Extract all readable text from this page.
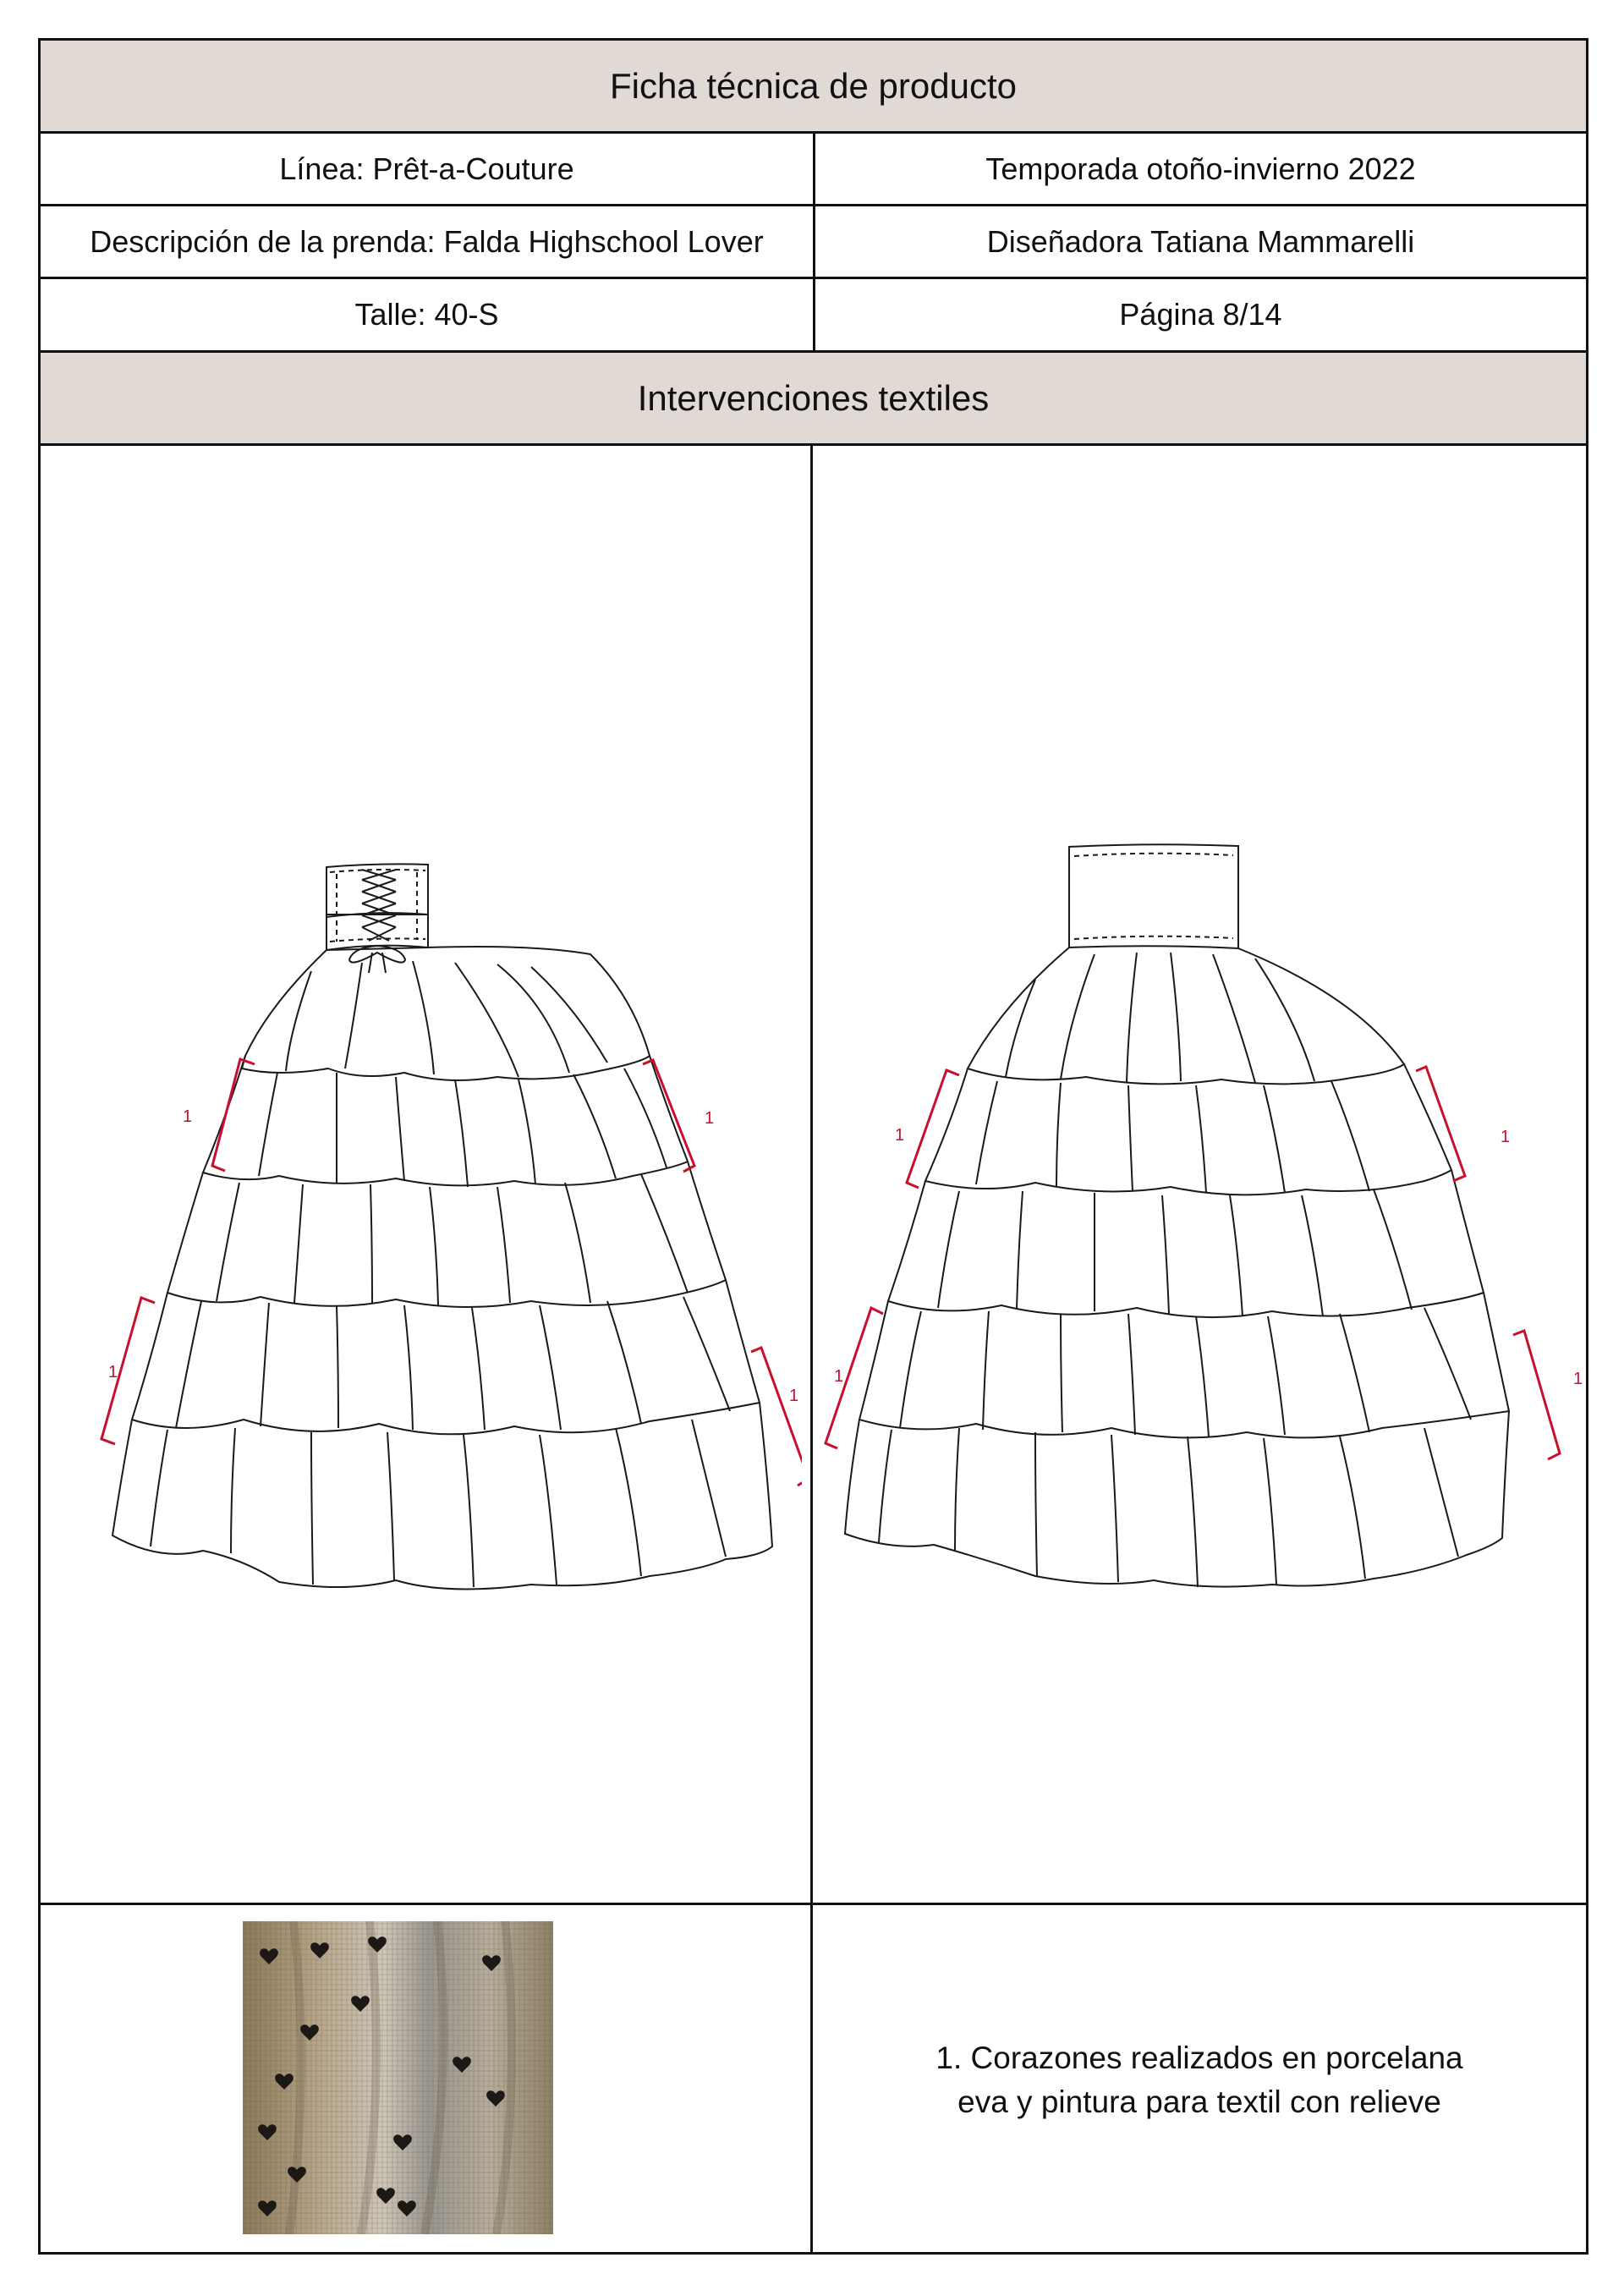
Ficha técnica de producto
Línea: Prêt-a-Couture	Temporada otoño-invierno 2022
Descripción de la prenda: Falda Highschool Lover	Diseñadora Tatiana Mammarelli
Talle: 40-S	Página 8/14
Intervenciones textiles
1	1
1
1
1	1
1	1
1. Corazones realizados en porcelana
eva y pintura para textil con relieve
